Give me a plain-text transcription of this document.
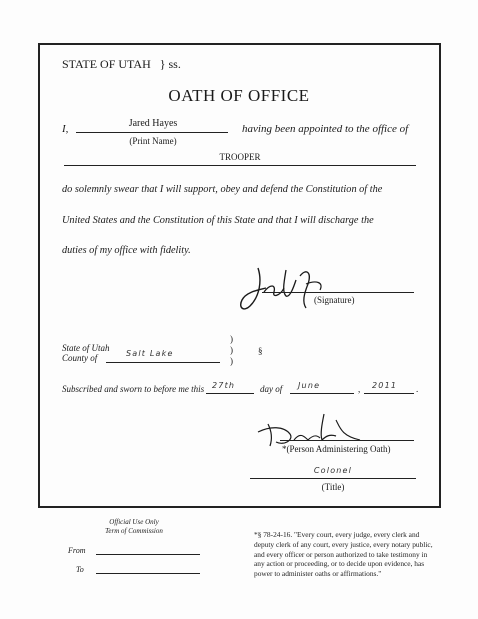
STATE OF UTAH } ss.
OATH OF OFFICE
I,	Jared Hayes
(Print Name)
having been appointed to the office of
TROOPER
do solemnly swear that I will support, obey and defend the Constitution of the
United States and the Constitution of this State and that I will discharge the
duties of my office with fidelity.
(Signature)
State of Utah
County of	Salt Lake
)
)
)
§
Subscribed and sworn to before me this 27th	day of June	, 2011 .
*(Person Administering Oath)
Colonel
(Title)
Official Use Only
Term of Commission
From
To
*§ 78-24-16. "Every court, every judge, every clerk and
deputy clerk of any court, every justice, every notary public,
and every officer or person authorized to take testimony in
any action or proceeding, or to decide upon evidence, has
power to administer oaths or affirmations."
